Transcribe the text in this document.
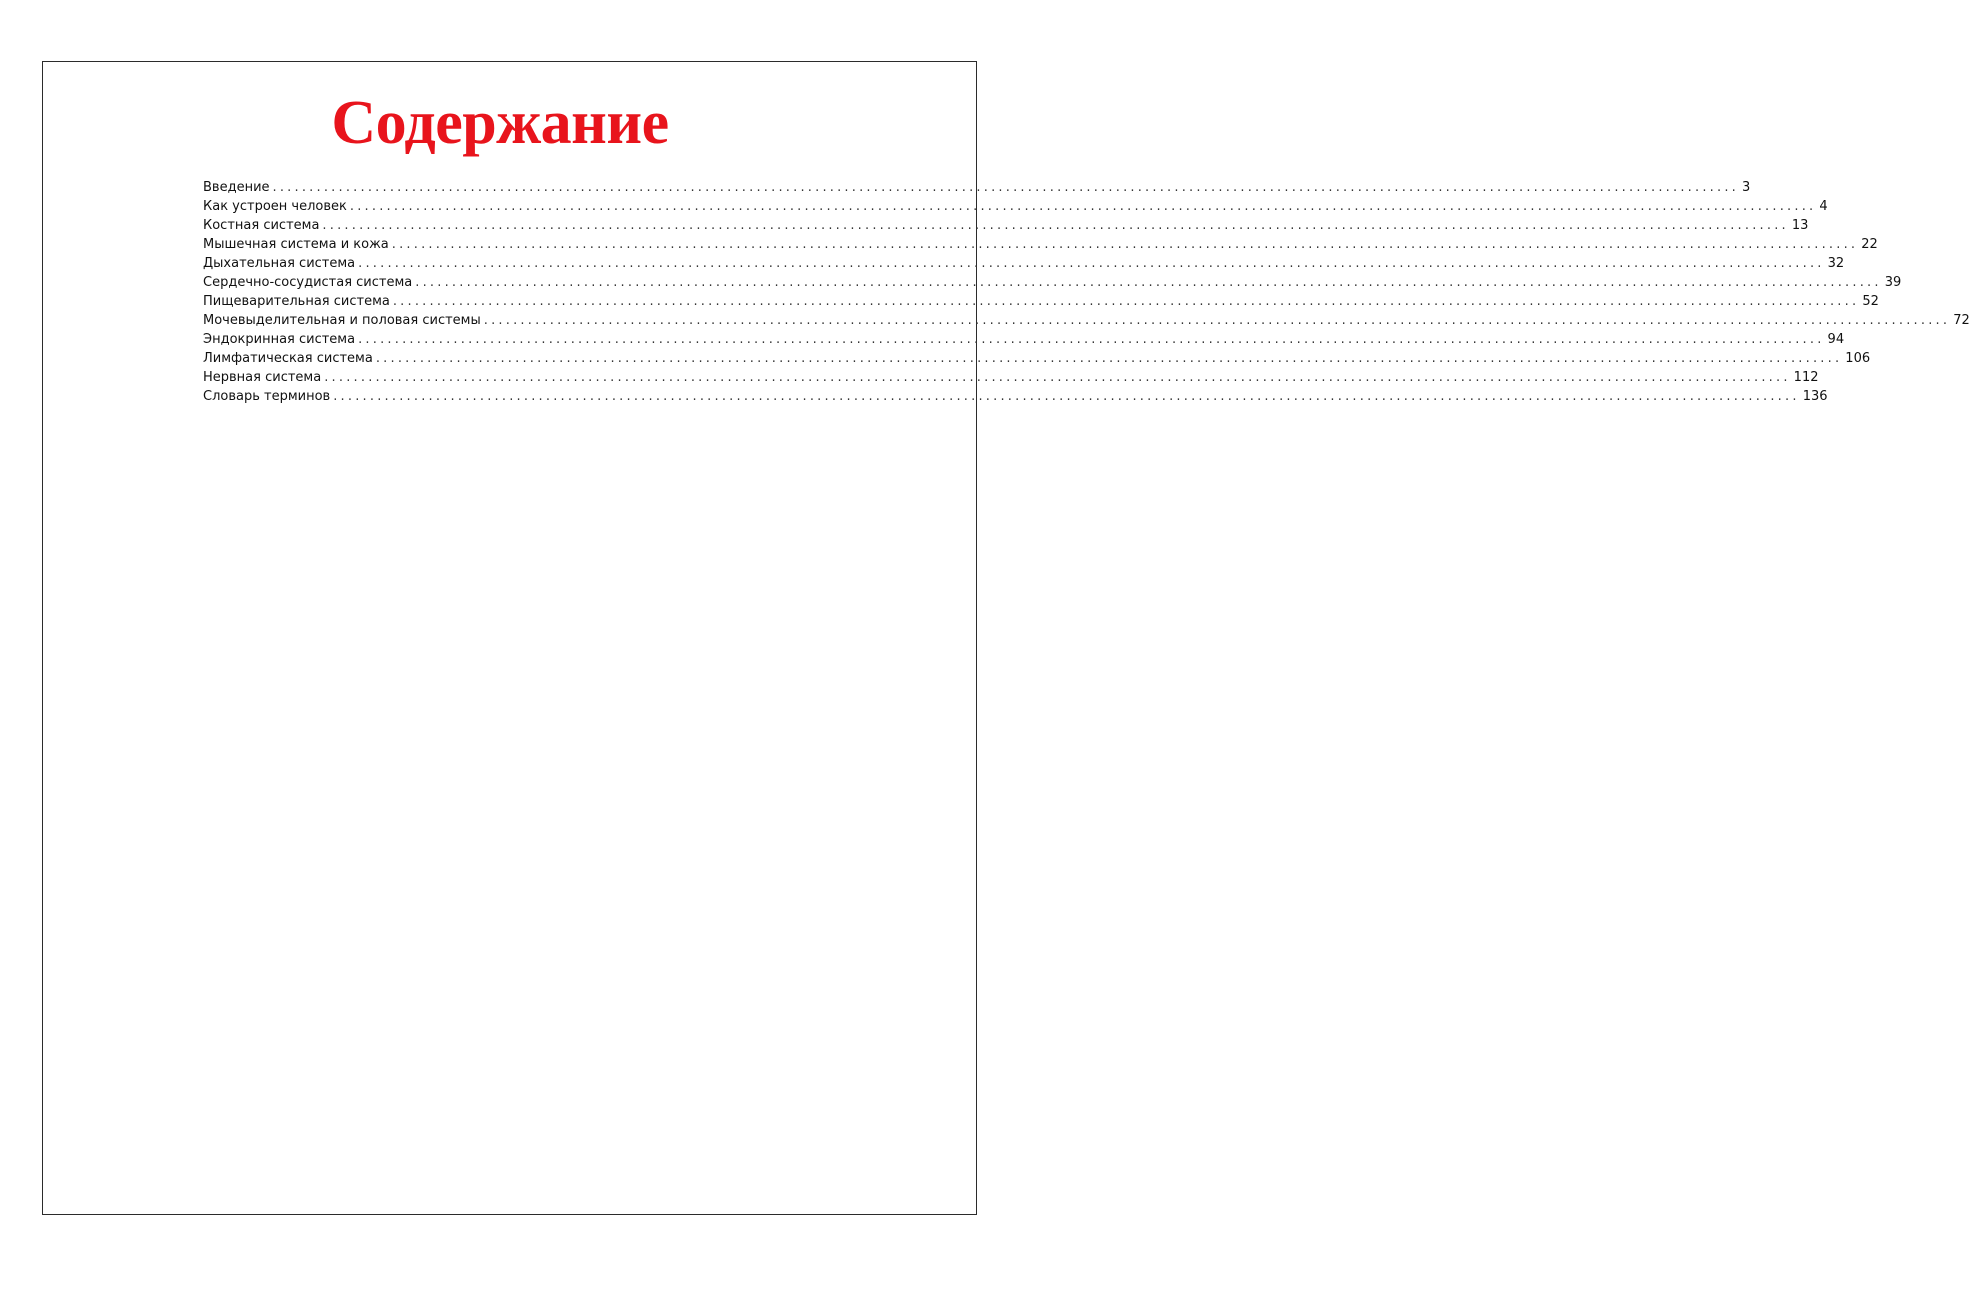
Содержание
Введение ........................................................................................................................................................................................................ 3
Как устроен человек ........................................................................................................................................................................................................ 4
Костная система ........................................................................................................................................................................................................ 13
Мышечная система и кожа ........................................................................................................................................................................................................ 22
Дыхательная система ........................................................................................................................................................................................................ 32
Сердечно-сосудистая система ........................................................................................................................................................................................................ 39
Пищеварительная система ........................................................................................................................................................................................................ 52
Мочевыделительная и половая системы ........................................................................................................................................................................................................ 72
Эндокринная система ........................................................................................................................................................................................................ 94
Лимфатическая система ........................................................................................................................................................................................................ 106
Нервная система ........................................................................................................................................................................................................ 112
Словарь терминов ........................................................................................................................................................................................................ 136
